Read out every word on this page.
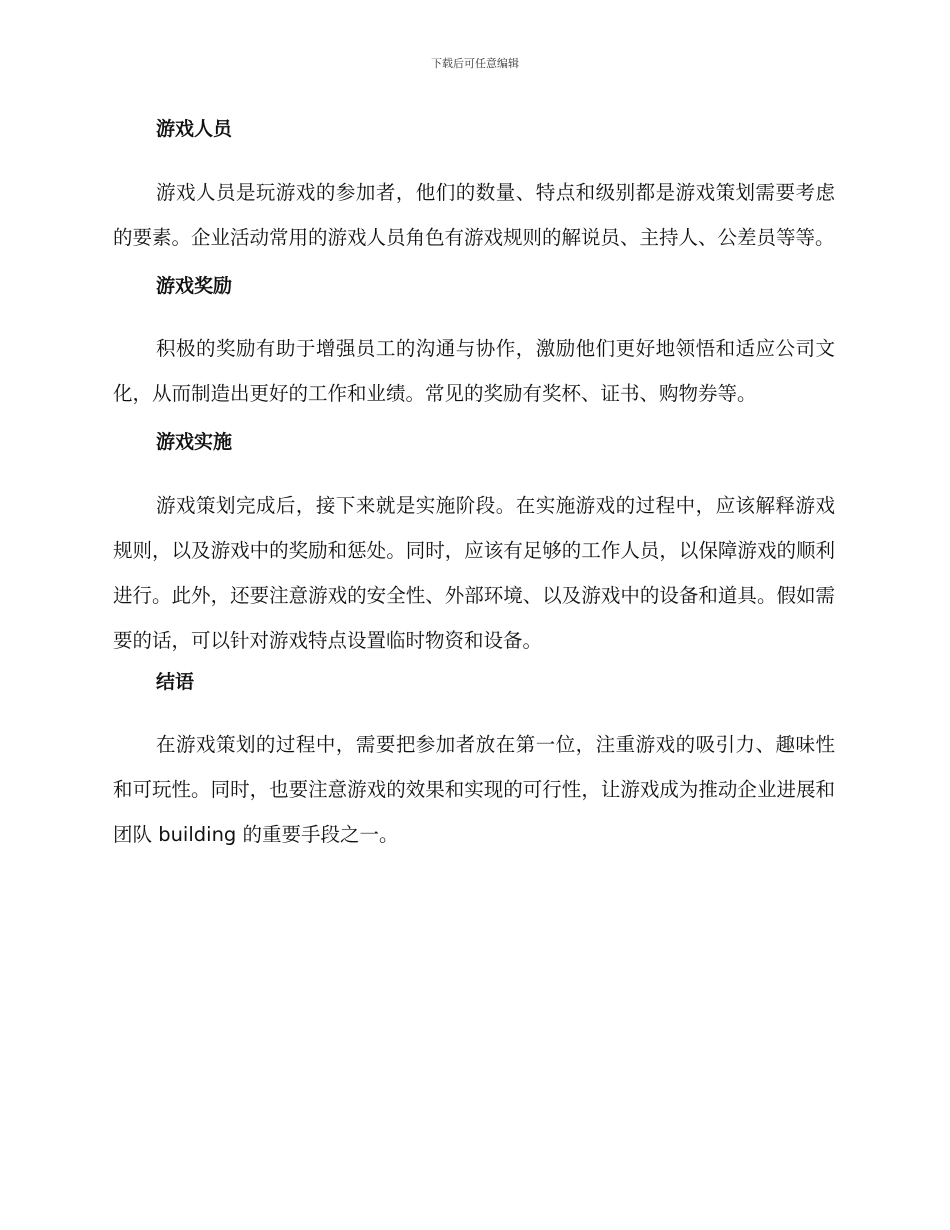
下载后可任意编辑
游戏人员

游戏人员是玩游戏的参加者，他们的数量、特点和级别都是游戏策划需要考虑的要素。企业活动常用的游戏人员角色有游戏规则的解说员、主持人、公差员等等。

游戏奖励

积极的奖励有助于增强员工的沟通与协作，激励他们更好地领悟和适应公司文化，从而制造出更好的工作和业绩。常见的奖励有奖杯、证书、购物券等。

游戏实施

游戏策划完成后，接下来就是实施阶段。在实施游戏的过程中，应该解释游戏规则，以及游戏中的奖励和惩处。同时，应该有足够的工作人员，以保障游戏的顺利进行。此外，还要注意游戏的安全性、外部环境、以及游戏中的设备和道具。假如需要的话，可以针对游戏特点设置临时物资和设备。

结语

在游戏策划的过程中，需要把参加者放在第一位，注重游戏的吸引力、趣味性和可玩性。同时，也要注意游戏的效果和实现的可行性，让游戏成为推动企业进展和团队 building 的重要手段之一。
